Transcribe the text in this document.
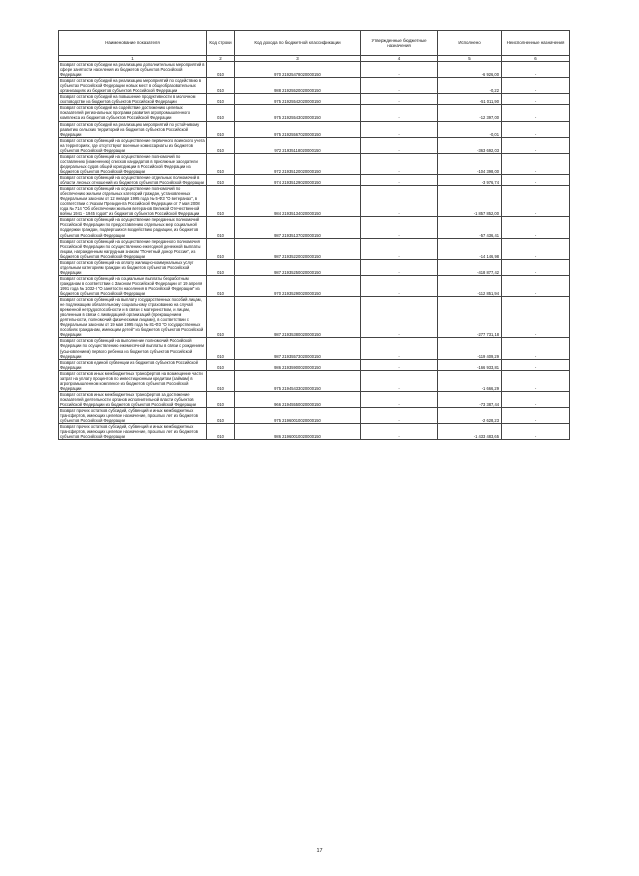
Наименование показателя	Код строки	Код дохода по бюджетной классификации	Утвержденные бюджетные назначения	Исполнено	Неисполненные назначения
1	2	3	4	5	6
Возврат остатков субсидии на реализацию дополнительных мероприятий в сфере занятости населения из бюджетов субъектов Российской Федерации	010	970 21925478020000150	-	-6 926,00	-
Возврат остатков субсидий на реализацию мероприятий по содействию в субъектах Российской Федерации новых мест в общеобразовательных организациях из бюджетов субъектов Российской Федерации	010	988 21925520020000150	-	-0,22	-
Возврат остатков субсидий на повышение продуктивности в молочном скотоводстве из бюджетов субъектов Российской Федерации	010	975 21925542020000150	-	-51 011,90	-
Возврат остатков субсидий на содействие достижению целевых показателей региональных программ развития агропромышленного комплекса из бюджетов субъектов Российской Федерации	010	975 21925543020000150	-	-12 397,00	-
Возврат остатков субсидий на реализацию мероприятий по устойчивому развитию сельских территорий из бюджетов субъектов Российской Федерации	010	975 21925567020000150	-	-0,01	-
Возврат остатков субвенций на осуществление первичного воинского учета на территориях, где отсутствуют военные комиссариаты из бюджетов субъектов Российской Федерации	010	972 21935118020000150	-	-363 692,03	-
Возврат остатков субвенций на осуществление полномочий по составлению (изменению) списков кандидатов в присяжные заседатели федеральных судов общей юрисдикции в Российской Федерации из бюджетов субъектов Российской Федерации	010	972 21935120020000150	-	-104 398,00	-
Возврат остатков субвенций на осуществление отдельных полномочий в области лесных отношений из бюджетов субъектов Российской Федерации	010	974 21935129020000150	-	-3 976,74	-
Возврат остатков субвенций на осуществление полномочий по обеспечению жильем отдельных категорий граждан, установленных Федеральным законом от 12 января 1995 года № 5-ФЗ "О ветеранах", в соответствии с Указом Президента Российской Федерации от 7 мая 2008 года № 714 "Об обеспечении жильем ветеранов Великой Отечественной войны 1941 - 1945 годов" из бюджетов субъектов Российской Федерации	010	984 21935134020000150	-	-1 857 852,00	-
Возврат остатков субвенций на осуществление переданных полномочий Российской Федерации по предоставлению отдельных мер социальной поддержки граждан, подвергшихся воздействию радиации, из бюджетов субъектов Российской Федерации	010	987 21935137020000150	-	-57 436,41	-
Возврат остатков субвенций на осуществление переданного полномочия Российской Федерации по осуществлению ежегодной денежной выплаты лицам, награжденным нагрудным знаком "Почетный донор России", из бюджетов субъектов Российской Федерации	010	987 21935220020000150	-	-14 146,98	-
Возврат остатков субвенций на оплату жилищно-коммунальных услуг отдельным категориям граждан из бюджетов субъектов Российской Федерации	010	987 21935250020000150	-	-418 877,42	-
Возврат остатков субвенций на социальные выплаты безработным гражданам в соответствии с Законом Российской Федерации от 19 апреля 1991 года № 1032-I "О занятости населения в Российской Федерации" из бюджетов субъектов Российской Федерации	010	970 21935290020000150	-	-112 851,94	-
Возврат остатков субвенций на выплату государственных пособий лицам, не подлежащим обязательному социальному страхованию на случай временной нетрудоспособности и в связи с материнством, и лицам, уволенным в связи с ликвидацией организаций (прекращением деятельности, полномочий физическими лицами), в соответствии с Федеральным законом от 19 мая 1995 года № 81-ФЗ "О государственных пособиях гражданам, имеющим детей" из бюджетов субъектов Российской Федерации	010	987 21935380020000150	-	-277 731,18	-
Возврат остатков субвенций на выполнение полномочий Российской Федерации по осуществлению ежемесячной выплаты в связи с рождением (усыновлением) первого ребенка из бюджетов субъектов Российской Федерации	010	987 21935573020000150	-	-119 409,29	-
Возврат остатков единой субвенции из бюджетов субъектов Российской Федерации	010	986 21935900020000150	-	-166 933,81	-
Возврат остатков иных межбюджетных трансфертов на возмещение части затрат на уплату процентов по инвестиционным кредитам (займам) в агропромышленном комплексе из бюджетов субъектов Российской Федерации	010	975 21945433020000150	-	-1 666,29	-
Возврат остатков иных межбюджетных трансфертов за достижение показателей деятельности органов исполнительной власти субъектов Российской Федерации из бюджетов субъектов Российской Федерации	010	966 21945550020000150	-	-73 387,44	-
Возврат прочих остатков субсидий, субвенций и иных межбюджетных трансфертов, имеющих целевое назначение, прошлых лет из бюджетов субъектов Российской Федерации	010	975 21960010020000150	-	-2 628,23	-
Возврат прочих остатков субсидий, субвенций и иных межбюджетных трансфертов, имеющих целевое назначение, прошлых лет из бюджетов субъектов Российской Федерации	010	986 21960010020000150	-	-1 433 483,65	-
17
